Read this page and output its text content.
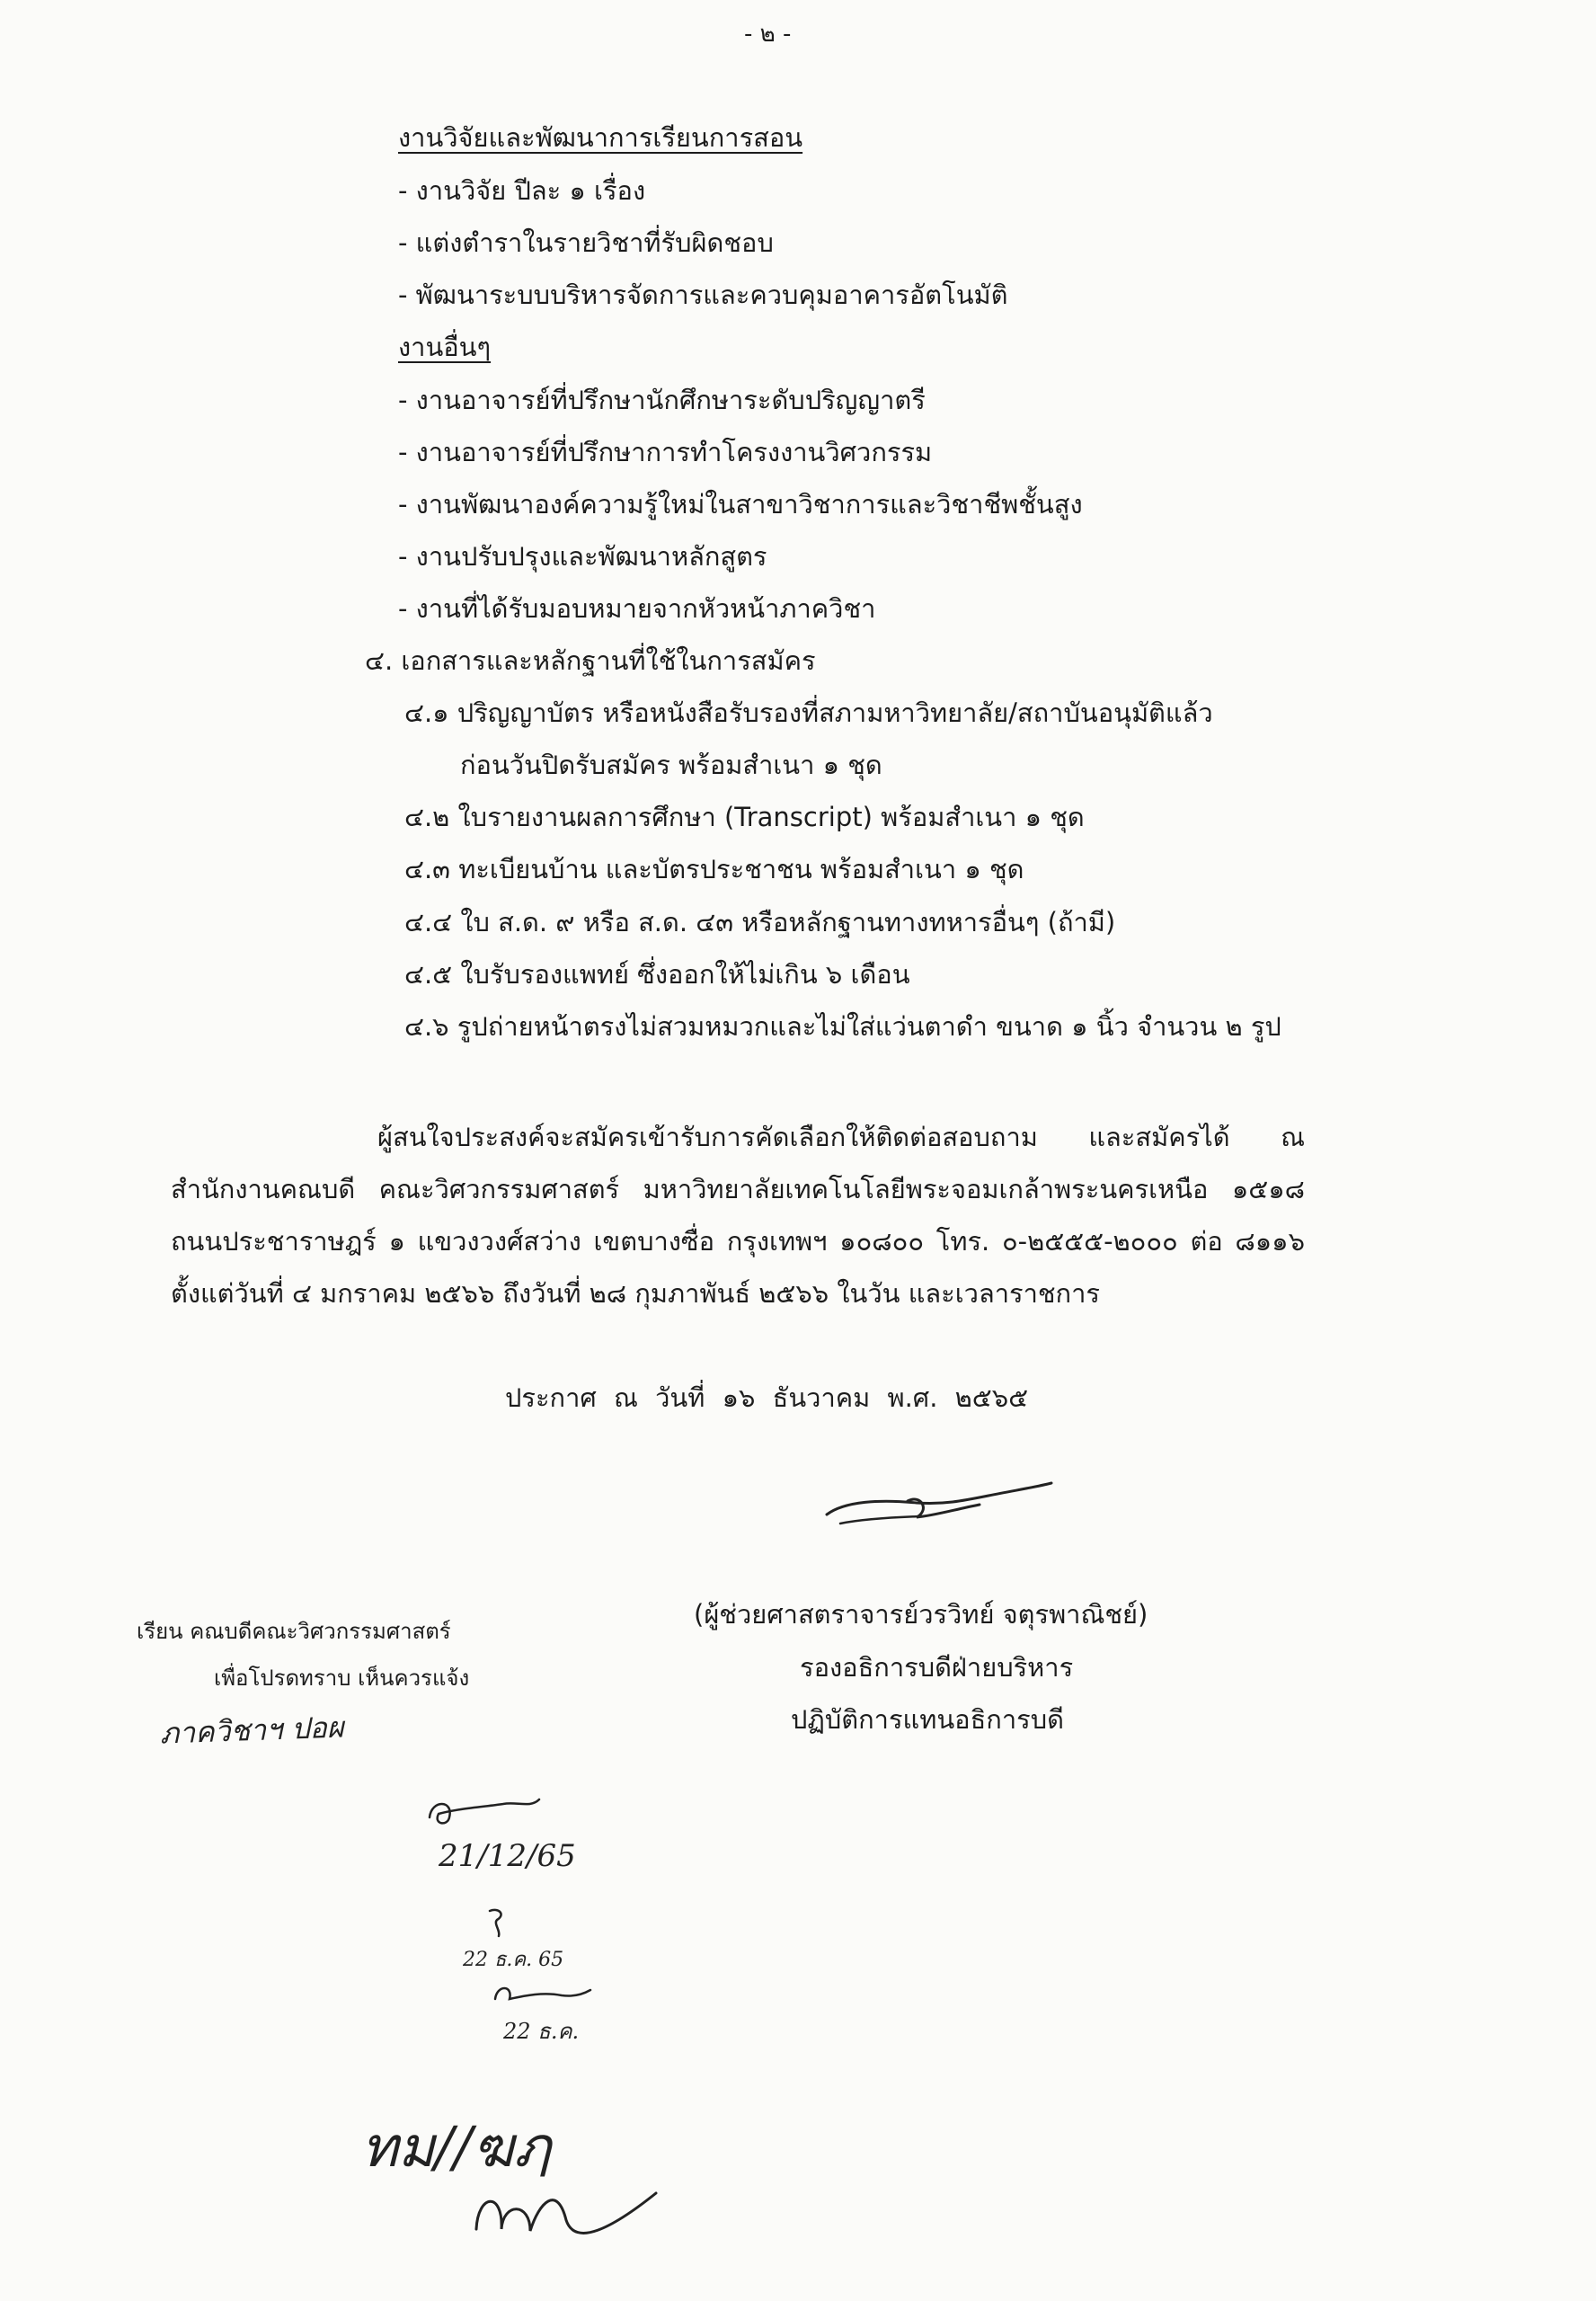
- ๒ -
งานวิจัยและพัฒนาการเรียนการสอน
- งานวิจัย ปีละ ๑ เรื่อง
- แต่งตำราในรายวิชาที่รับผิดชอบ
- พัฒนาระบบบริหารจัดการและควบคุมอาคารอัตโนมัติ
งานอื่นๆ
- งานอาจารย์ที่ปรึกษานักศึกษาระดับปริญญาตรี
- งานอาจารย์ที่ปรึกษาการทำโครงงานวิศวกรรม
- งานพัฒนาองค์ความรู้ใหม่ในสาขาวิชาการและวิชาชีพชั้นสูง
- งานปรับปรุงและพัฒนาหลักสูตร
- งานที่ได้รับมอบหมายจากหัวหน้าภาควิชา
๔. เอกสารและหลักฐานที่ใช้ในการสมัคร
๔.๑ ปริญญาบัตร หรือหนังสือรับรองที่สภามหาวิทยาลัย/สถาบันอนุมัติแล้ว
ก่อนวันปิดรับสมัคร พร้อมสำเนา ๑ ชุด
๔.๒ ใบรายงานผลการศึกษา (Transcript) พร้อมสำเนา ๑ ชุด
๔.๓ ทะเบียนบ้าน และบัตรประชาชน พร้อมสำเนา ๑ ชุด
๔.๔ ใบ ส.ด. ๙ หรือ ส.ด. ๔๓ หรือหลักฐานทางทหารอื่นๆ (ถ้ามี)
๔.๕ ใบรับรองแพทย์ ซึ่งออกให้ไม่เกิน ๖ เดือน
๔.๖ รูปถ่ายหน้าตรงไม่สวมหมวกและไม่ใส่แว่นตาดำ ขนาด ๑ นิ้ว จำนวน ๒ รูป
ผู้สนใจประสงค์จะสมัครเข้ารับการคัดเลือกให้ติดต่อสอบถาม และสมัครได้ ณ สำนักงานคณบดี คณะวิศวกรรมศาสตร์ มหาวิทยาลัยเทคโนโลยีพระจอมเกล้าพระนครเหนือ ๑๕๑๘ ถนนประชาราษฎร์ ๑ แขวงวงศ์สว่าง เขตบางซื่อ กรุงเทพฯ ๑๐๘๐๐ โทร. ๐-๒๕๕๕-๒๐๐๐ ต่อ ๘๑๑๖ ตั้งแต่วันที่ ๔ มกราคม ๒๕๖๖ ถึงวันที่ ๒๘ กุมภาพันธ์ ๒๕๖๖ ในวัน และเวลาราชการ
ประกาศ ณ วันที่ ๑๖ ธันวาคม พ.ศ. ๒๕๖๕
(ผู้ช่วยศาสตราจารย์วรวิทย์ จตุรพาณิชย์)
รองอธิการบดีฝ่ายบริหาร
ปฏิบัติการแทนอธิการบดี
เรียน คณบดีคณะวิศวกรรมศาสตร์
เพื่อโปรดทราบ เห็นควรแจ้ง
ภาควิชาฯ ปอผ
21/12/65
22 ธ.ค. 65
22 ธ.ค.
ทม//ฆฦ
